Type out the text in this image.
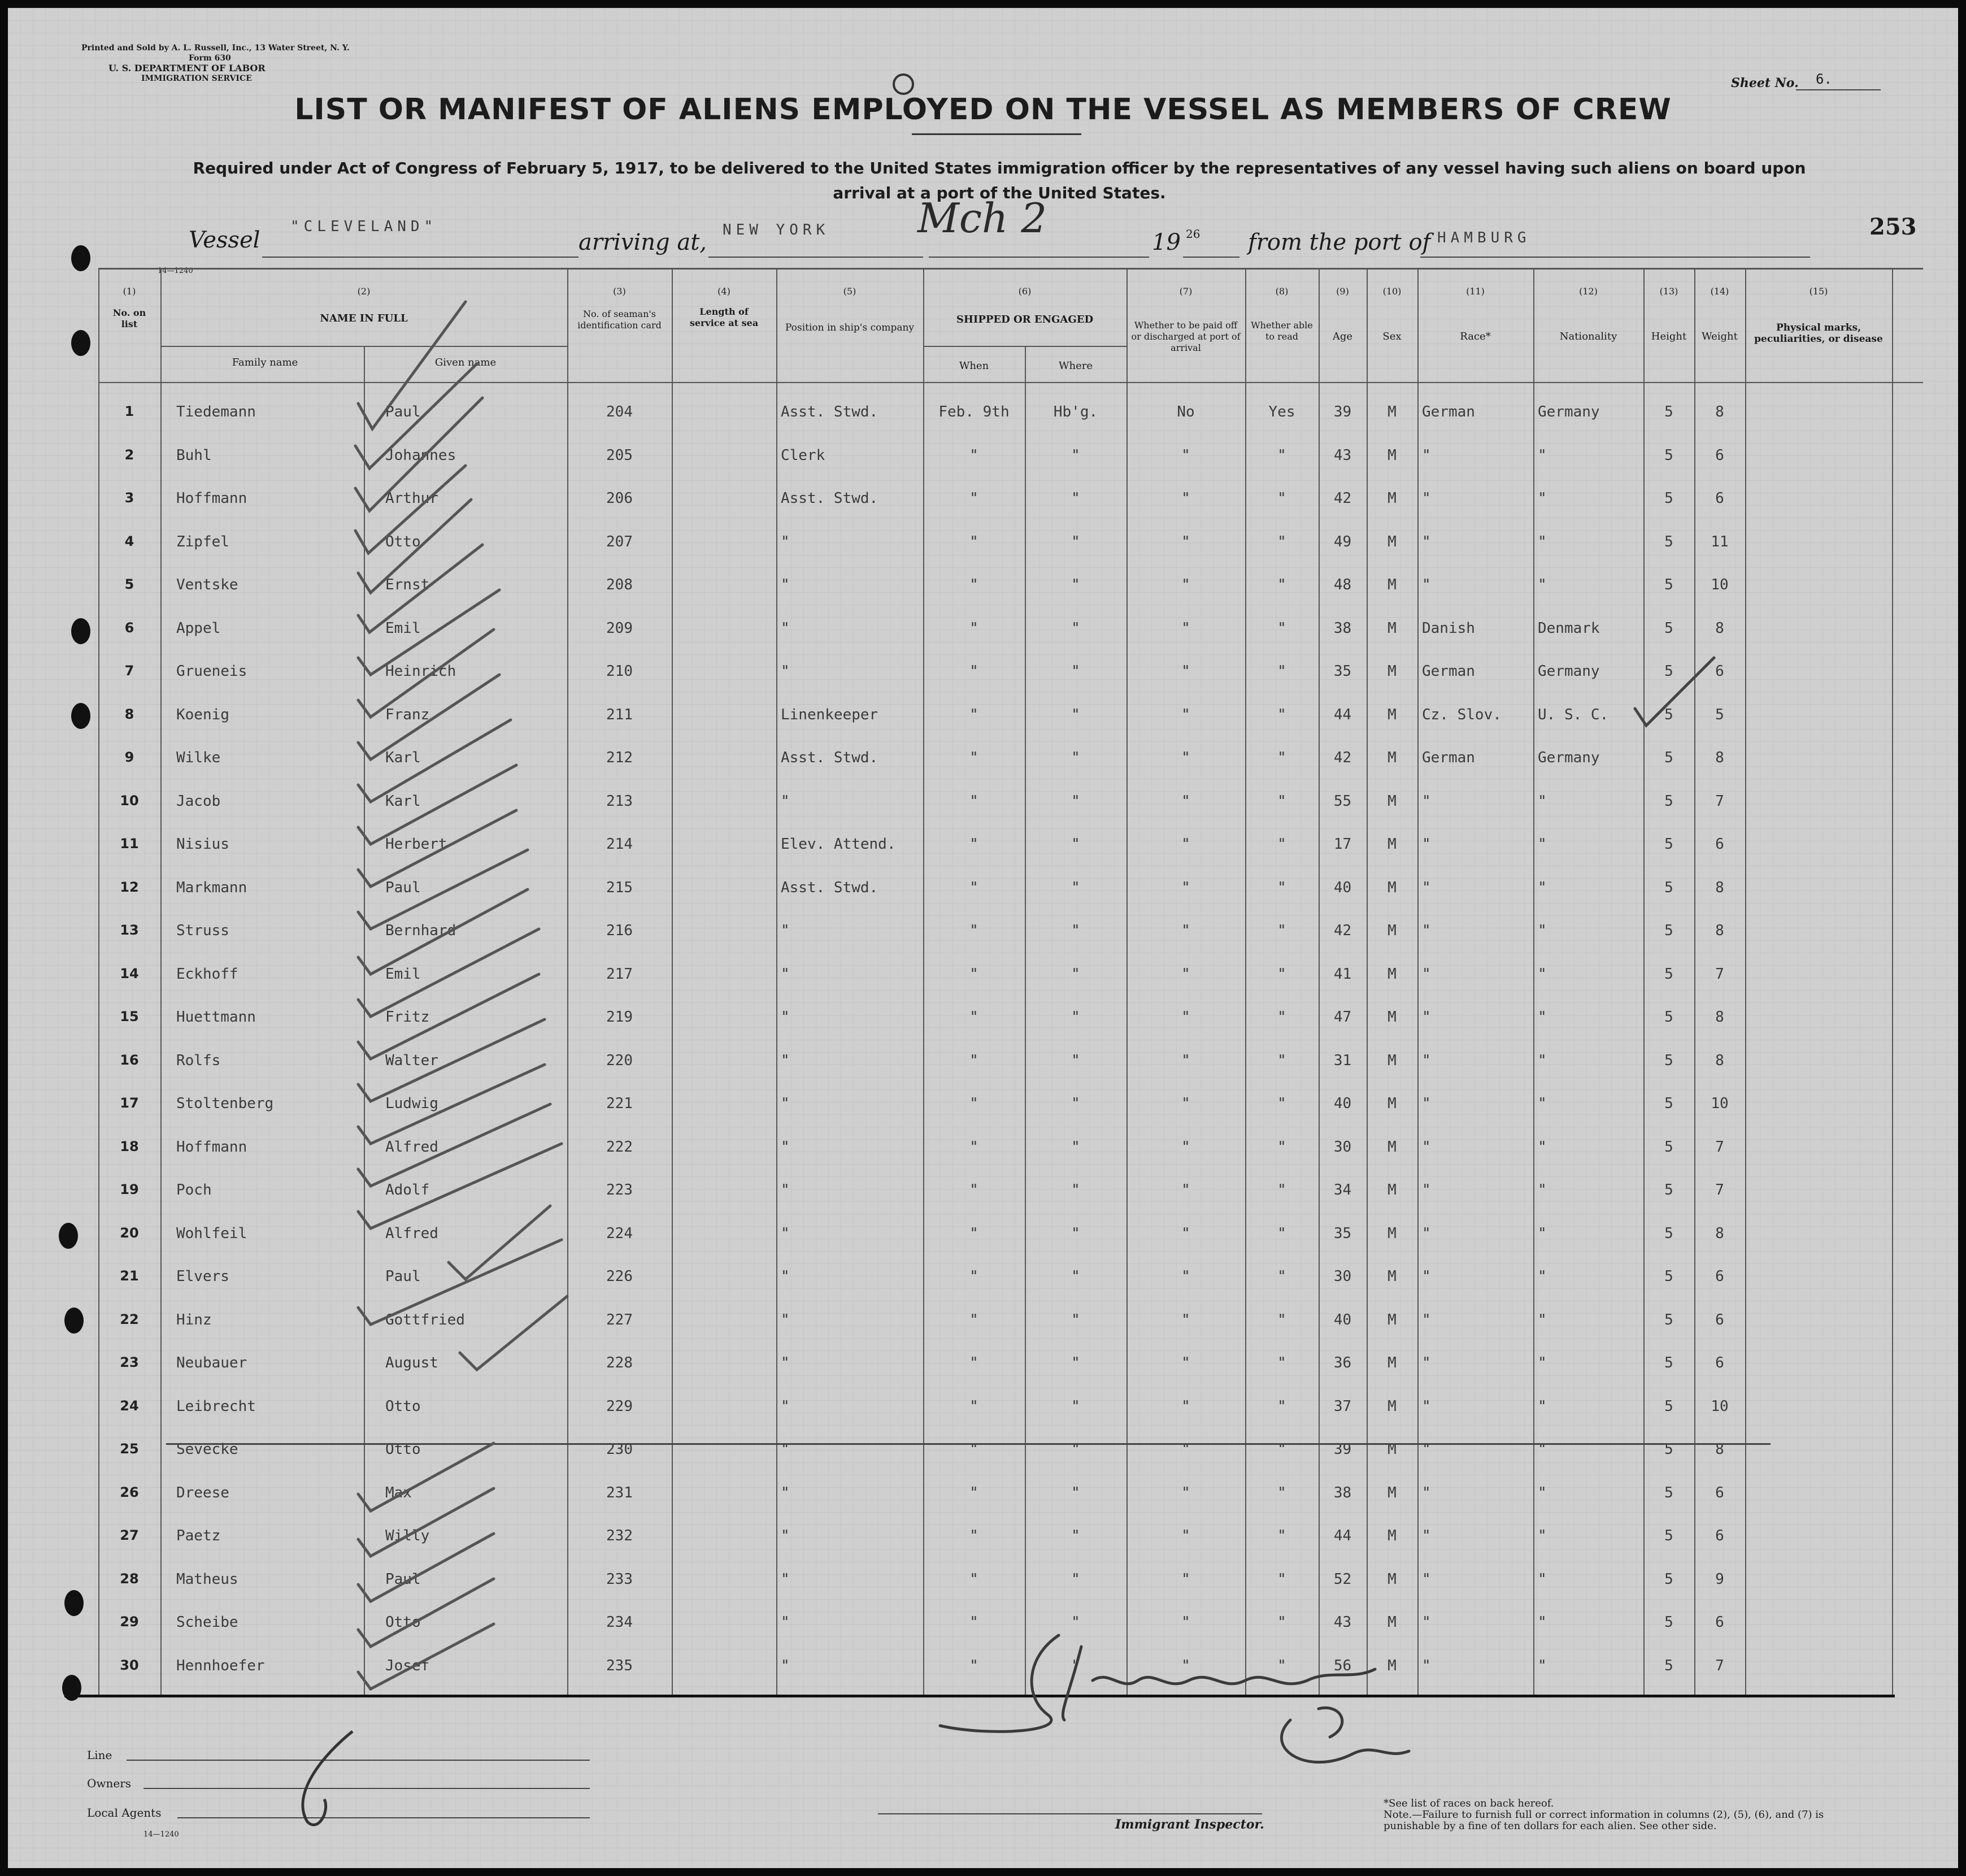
Printed and Sold by A. L. Russell, Inc., 13 Water Street, N. Y.
Form 630
U. S. DEPARTMENT OF LABOR
IMMIGRATION SERVICE	Sheet No. 6.
LIST OR MANIFEST OF ALIENS EMPLOYED ON THE VESSEL AS MEMBERS OF CREW
Required under Act of Congress of February 5, 1917, to be delivered to the United States immigration officer by the representatives of any vessel having such aliens on board upon arrival at a port of the United States.
253
Vessel
"CLEVELAND"
arriving at, NEW YORK Mch 2
19 26 from the port of HAMBURG
14—1240
(1)	(2)	(3)	(4)	(5)	(6)	(7)	(8)	(9)	(10)	(11)	(12)	(13)	(14)	(15)
No. on list	NAME IN FULL
Family name	Given name
No. of seaman's identification card
Length of service at sea	Position in ship's company
SHIPPED OR ENGAGED
When	Where
Whether to be paid off or discharged at port of arrival
Whether able to read	Age	Sex	Race*	Nationality	Height	Weight
Physical marks, peculiarities, or disease
1	Tiedemann	Paul	204	Asst. Stwd.	Feb. 9th	Hb'g.	No	Yes	39	M	German	Germany	5	8
2	Buhl	Johannes	205	Clerk	"	"	"	"	43	M	"	"	5	6
3	Hoffmann	Arthur	206	Asst. Stwd.	"	"	"	"	42	M	"	"	5	6
4	Zipfel	Otto	207	"	"	"	"	"	49	M	"	"	5	11
5	Ventske	Ernst	208	"	"	"	"	"	48	M	"	"	5	10
6	Appel	Emil	209	"	"	"	"	"	38	M	Danish	Denmark	5	8
7	Grueneis	Heinrich	210	"	"	"	"	"	35	M	German	Germany	5	6
8	Koenig	Franz	211	Linenkeeper	"	"	"	"	44	M	Cz. Slov.	U. S. C.	5	5
9	Wilke	Karl	212	Asst. Stwd.	"	"	"	"	42	M	German	Germany	5	8
10	Jacob	Karl	213	"	"	"	"	"	55	M	"	"	5	7
11	Nisius	Herbert	214	Elev. Attend.	"	"	"	"	17	M	"	"	5	6
12	Markmann	Paul	215	Asst. Stwd.	"	"	"	"	40	M	"	"	5	8
13	Struss	Bernhard	216	"	"	"	"	"	42	M	"	"	5	8
14	Eckhoff	Emil	217	"	"	"	"	"	41	M	"	"	5	7
15	Huettmann	Fritz	219	"	"	"	"	"	47	M	"	"	5	8
16	Rolfs	Walter	220	"	"	"	"	"	31	M	"	"	5	8
17	Stoltenberg	Ludwig	221	"	"	"	"	"	40	M	"	"	5	10
18	Hoffmann	Alfred	222	"	"	"	"	"	30	M	"	"	5	7
19	Poch	Adolf	223	"	"	"	"	"	34	M	"	"	5	7
20	Wohlfeil	Alfred	224	"	"	"	"	"	35	M	"	"	5	8
21	Elvers	Paul	226	"	"	"	"	"	30	M	"	"	5	6
22	Hinz	Gottfried	227	"	"	"	"	"	40	M	"	"	5	6
23	Neubauer	August	228	"	"	"	"	"	36	M	"	"	5	6
24	Leibrecht	Otto	229	"	"	"	"	"	37	M	"	"	5	10
25	Sevecke	Otto	230	"	"	"	"	"	39	M	"	"	5	8
26	Dreese	Max	231	"	"	"	"	"	38	M	"	"	5	6
27	Paetz	Willy	232	"	"	"	"	"	44	M	"	"	5	6
28	Matheus	Paul	233	"	"	"	"	"	52	M	"	"	5	9
29	Scheibe	Otto	234	"	"	"	"	"	43	M	"	"	5	6
30	Hennhoefer	Josef	235	"	"	"	"	"	56	M	"	"	5	7
Line
Owners
Local Agents
14—1240
Immigrant Inspector.
*See list of races on back hereof.
Note.—Failure to furnish full or correct information in columns (2), (5), (6), and (7) is punishable by a fine of ten dollars for each alien. See other side.
